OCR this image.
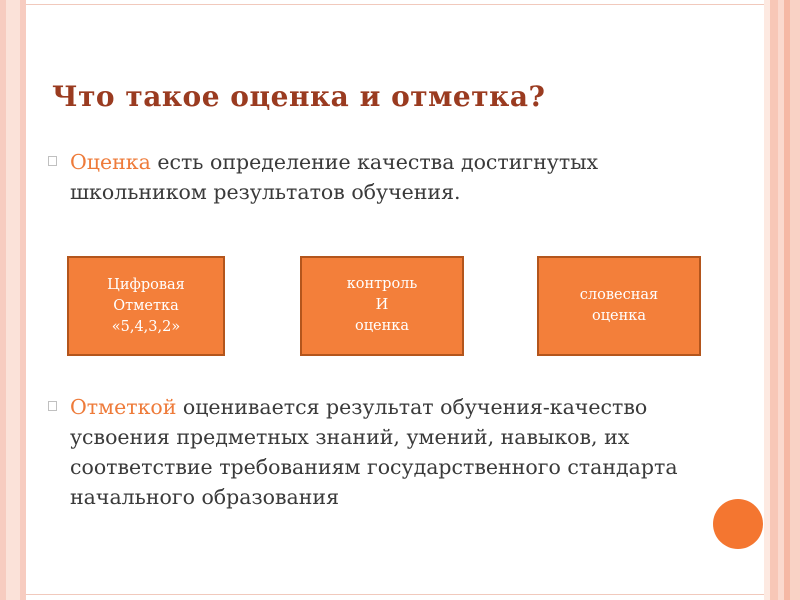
Что такое оценка и отметка?
Оценка есть определение качества достигнутых школьником результатов обучения.
Цифровая
Отметка
«5,4,3,2»
контроль
И
оценка
словесная
оценка
Отметкой оценивается результат обучения-качество усвоения предметных знаний, умений, навыков, их соответствие требованиям государственного стандарта начального образования
